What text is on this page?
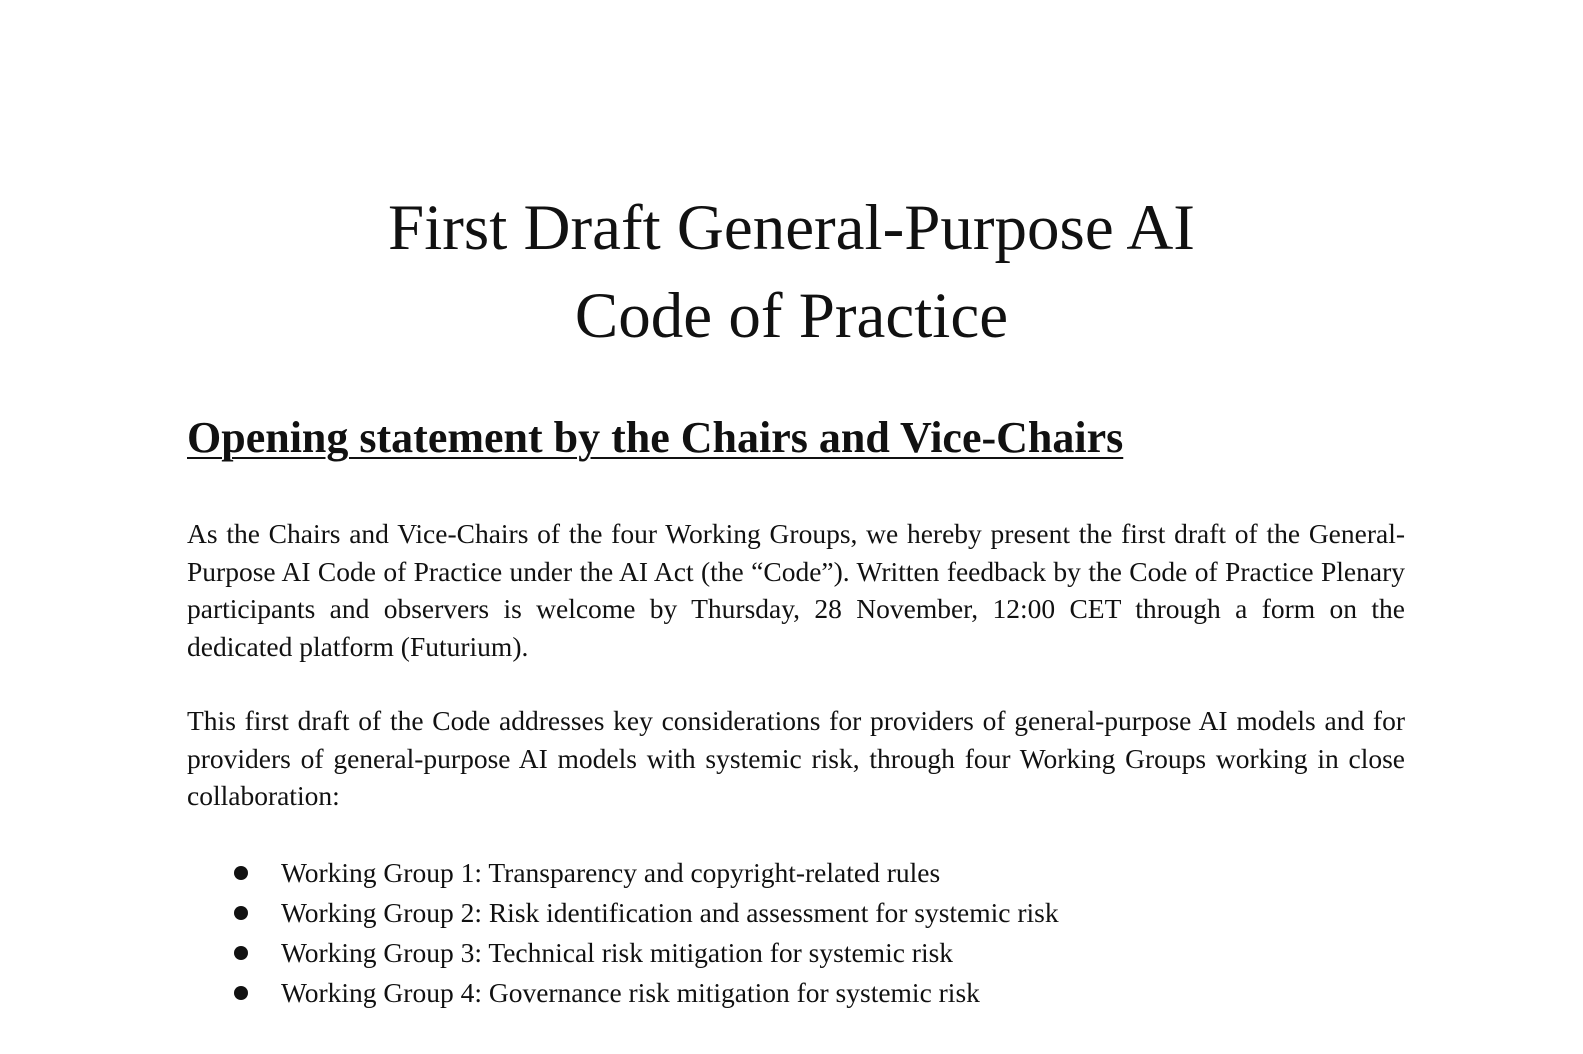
First Draft General-Purpose AI
Code of Practice
Opening statement by the Chairs and Vice-Chairs

As the Chairs and Vice-Chairs of the four Working Groups, we hereby present the first draft of the General-Purpose AI Code of Practice under the AI Act (the “Code”). Written feedback by the Code of Practice Plenary participants and observers is welcome by Thursday, 28 November, 12:00 CET through a form on the dedicated platform (Futurium).

This first draft of the Code addresses key considerations for providers of general-purpose AI models and for providers of general-purpose AI models with systemic risk, through four Working Groups working in close collaboration:

Working Group 1: Transparency and copyright-related rules
Working Group 2: Risk identification and assessment for systemic risk
Working Group 3: Technical risk mitigation for systemic risk
Working Group 4: Governance risk mitigation for systemic risk
